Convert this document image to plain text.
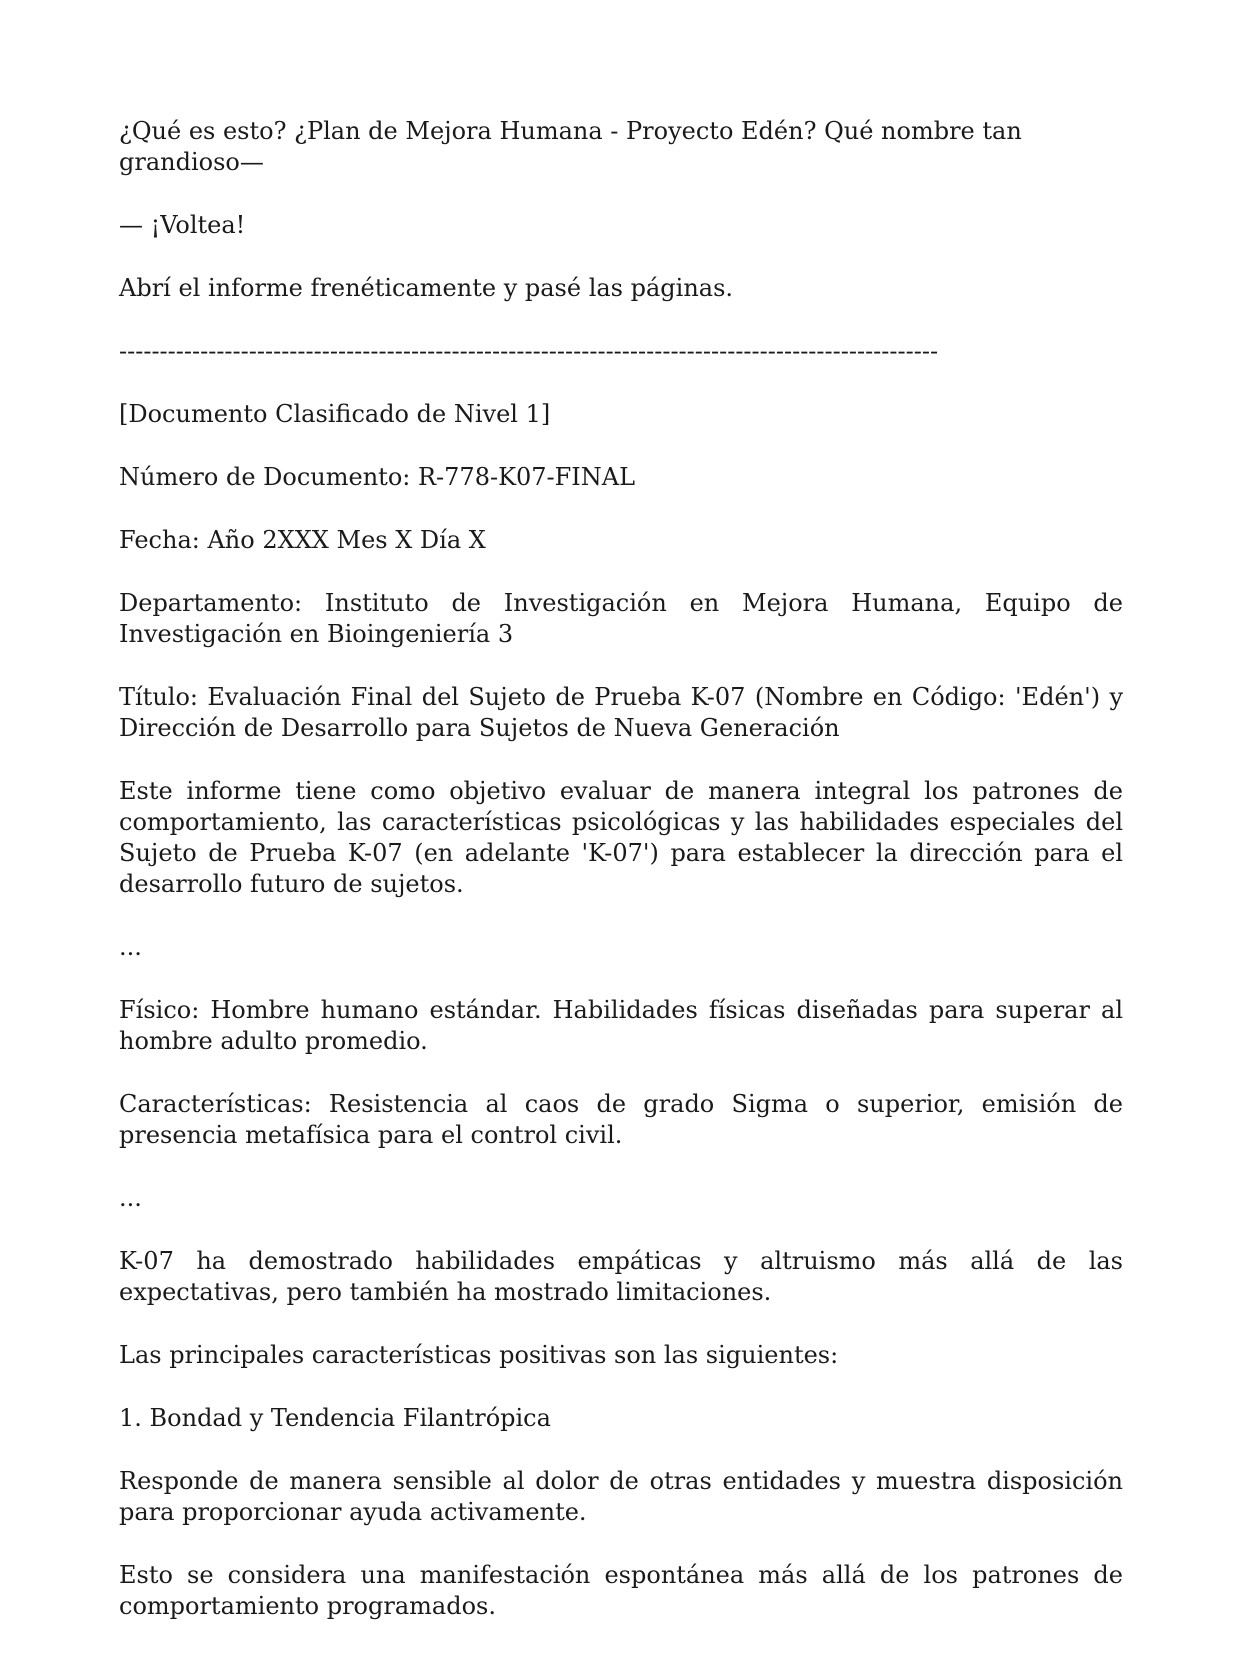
¿Qué es esto? ¿Plan de Mejora Humana - Proyecto Edén? Qué nombre tan grandioso—

— ¡Voltea!

Abrí el informe frenéticamente y pasé las páginas.

-----------------------------------------------------------------------------------------------------

[Documento Clasificado de Nivel 1]

Número de Documento: R-778-K07-FINAL

Fecha: Año 2XXX Mes X Día X

Departamento: Instituto de Investigación en Mejora Humana, Equipo de Investigación en Bioingeniería 3

Título: Evaluación Final del Sujeto de Prueba K-07 (Nombre en Código: 'Edén') y Dirección de Desarrollo para Sujetos de Nueva Generación

Este informe tiene como objetivo evaluar de manera integral los patrones de comportamiento, las características psicológicas y las habilidades especiales del Sujeto de Prueba K-07 (en adelante 'K-07') para establecer la dirección para el desarrollo futuro de sujetos.

...

Físico: Hombre humano estándar. Habilidades físicas diseñadas para superar al hombre adulto promedio.

Características: Resistencia al caos de grado Sigma o superior, emisión de presencia metafísica para el control civil.

...

K-07 ha demostrado habilidades empáticas y altruismo más allá de las expectativas, pero también ha mostrado limitaciones.

Las principales características positivas son las siguientes:

1. Bondad y Tendencia Filantrópica

Responde de manera sensible al dolor de otras entidades y muestra disposición para proporcionar ayuda activamente.

Esto se considera una manifestación espontánea más allá de los patrones de comportamiento programados.
